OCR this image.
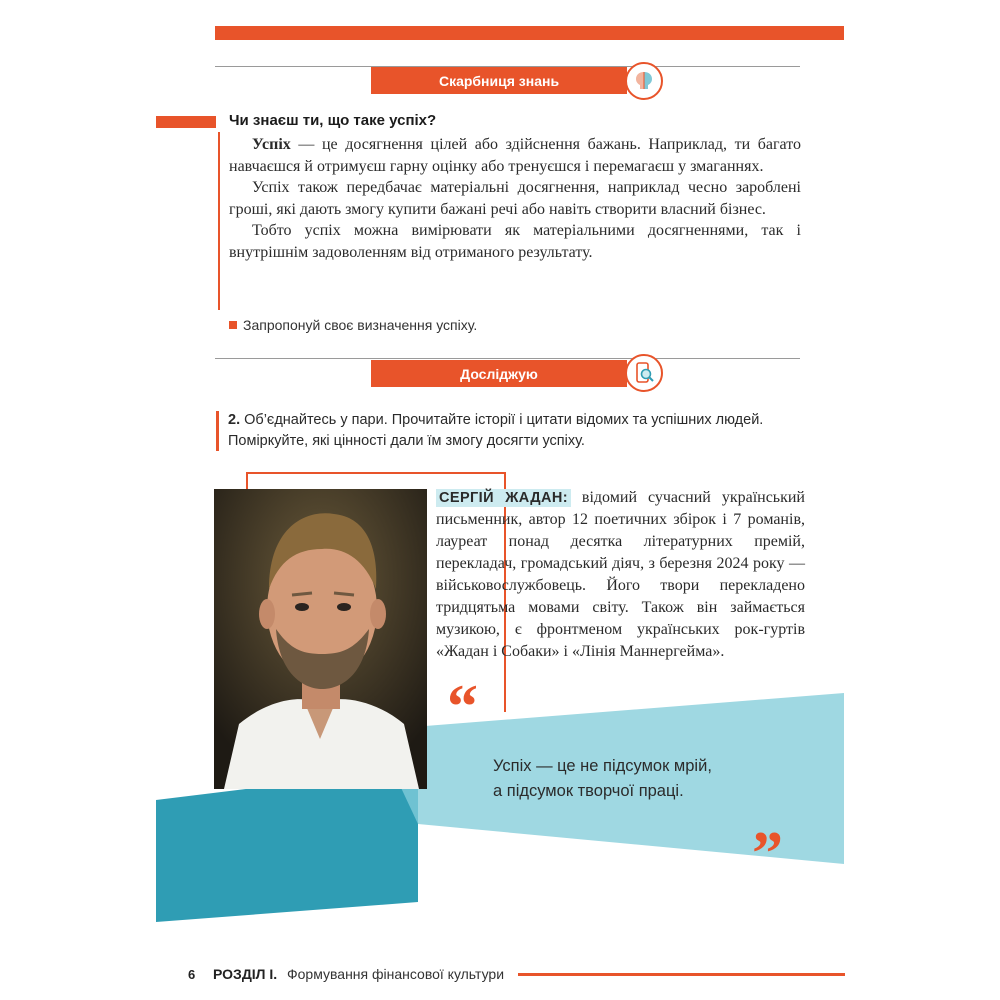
Скарбниця знань
Чи знаєш ти, що таке успіх?

Успіх — це досягнення цілей або здійснення бажань. Наприклад, ти багато навчаєшся й отримуєш гарну оцінку або тренуєшся і перемагаєш у змаганнях.

Успіх також передбачає матеріальні досягнення, наприклад чесно зароблені гроші, які дають змогу купити бажані речі або навіть створити власний бізнес.

Тобто успіх можна вимірювати як матеріальними досягненнями, так і внутрішнім задоволенням від отриманого результату.

Запропонуй своє визначення успіху.
Досліджую
2. Об’єднайтесь у пари. Прочитайте історії і цитати відомих та успішних людей. Поміркуйте, які цінності дали їм змогу досягти успіху.
СЕРГІЙ ЖАДАН: відомий сучасний український письменник, автор 12 поетичних збірок і 7 романів, лауреат понад десятка літературних премій, перекладач, громадський діяч, з березня 2024 року — військовослужбовець. Його твори перекладено тридцятьма мовами світу. Також він займається музикою, є фронтменом українських рок-гуртів «Жадан і Собаки» і «Лінія Маннергейма».
“
Успіх — це не підсумок мрій,
а підсумок творчої праці.
”
6 РОЗДІЛ І. Формування фінансової культури
